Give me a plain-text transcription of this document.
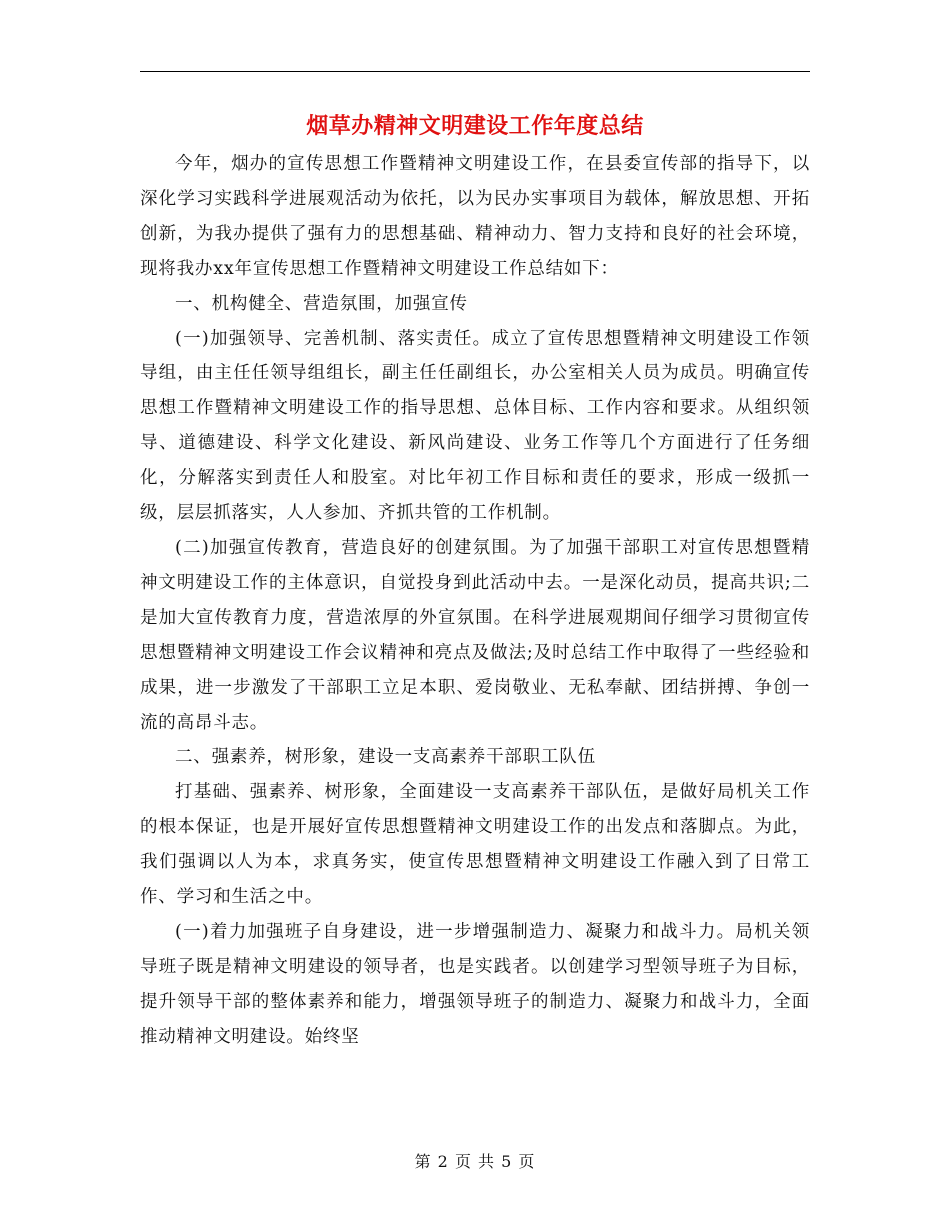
烟草办精神文明建设工作年度总结

今年，烟办的宣传思想工作暨精神文明建设工作，在县委宣传部的指导下，以深化学习实践科学进展观活动为依托，以为民办实事项目为载体，解放思想、开拓创新，为我办提供了强有力的思想基础、精神动力、智力支持和良好的社会环境，现将我办xx年宣传思想工作暨精神文明建设工作总结如下：

一、机构健全、营造氛围，加强宣传

(一)加强领导、完善机制、落实责任。成立了宣传思想暨精神文明建设工作领导组，由主任任领导组组长，副主任任副组长，办公室相关人员为成员。明确宣传思想工作暨精神文明建设工作的指导思想、总体目标、工作内容和要求。从组织领导、道德建设、科学文化建设、新风尚建设、业务工作等几个方面进行了任务细化，分解落实到责任人和股室。对比年初工作目标和责任的要求，形成一级抓一级，层层抓落实，人人参加、齐抓共管的工作机制。

(二)加强宣传教育，营造良好的创建氛围。为了加强干部职工对宣传思想暨精神文明建设工作的主体意识，自觉投身到此活动中去。一是深化动员，提高共识;二是加大宣传教育力度，营造浓厚的外宣氛围。在科学进展观期间仔细学习贯彻宣传思想暨精神文明建设工作会议精神和亮点及做法;及时总结工作中取得了一些经验和成果，进一步激发了干部职工立足本职、爱岗敬业、无私奉献、团结拼搏、争创一流的高昂斗志。

二、强素养，树形象，建设一支高素养干部职工队伍

打基础、强素养、树形象，全面建设一支高素养干部队伍，是做好局机关工作的根本保证，也是开展好宣传思想暨精神文明建设工作的出发点和落脚点。为此，我们强调以人为本，求真务实，使宣传思想暨精神文明建设工作融入到了日常工作、学习和生活之中。

(一)着力加强班子自身建设，进一步增强制造力、凝聚力和战斗力。局机关领导班子既是精神文明建设的领导者，也是实践者。以创建学习型领导班子为目标，提升领导干部的整体素养和能力，增强领导班子的制造力、凝聚力和战斗力，全面推动精神文明建设。始终坚

第 2 页 共 5 页
